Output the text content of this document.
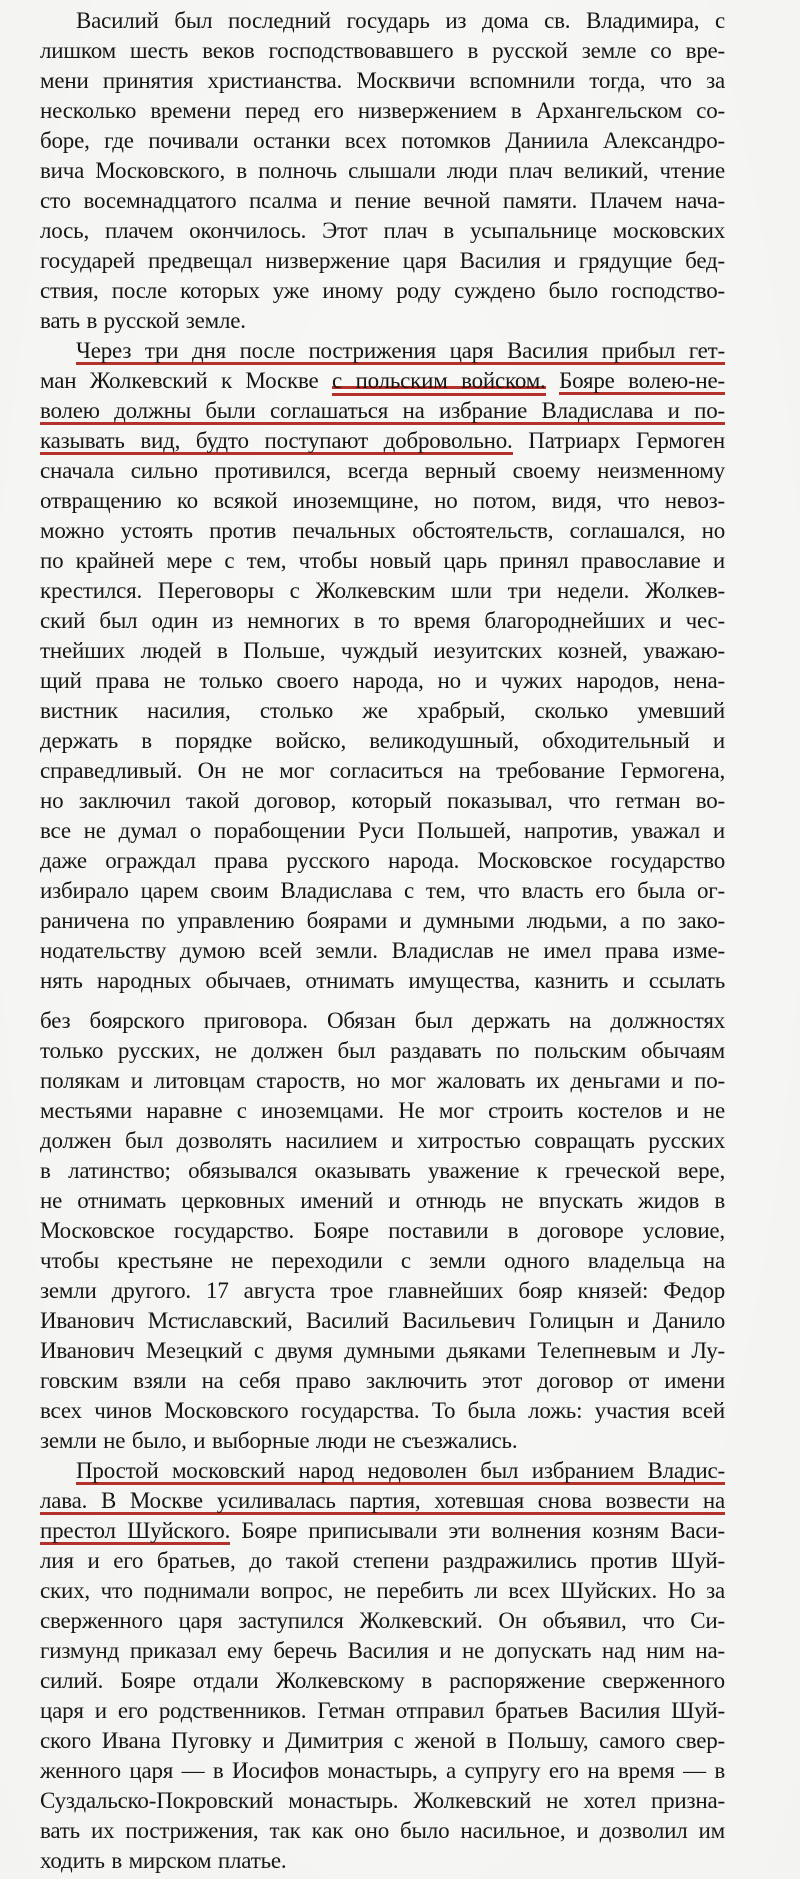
Василий был последний государь из дома св. Владимира, с
лишком шесть веков господствовавшего в русской земле со вре-
мени принятия христианства. Москвичи вспомнили тогда, что за
несколько времени перед его низвержением в Архангельском со-
боре, где почивали останки всех потомков Даниила Александро-
вича Московского, в полночь слышали люди плач великий, чтение
сто восемнадцатого псалма и пение вечной памяти. Плачем нача-
лось, плачем окончилось. Этот плач в усыпальнице московских
государей предвещал низвержение царя Василия и грядущие бед-
ствия, после которых уже иному роду суждено было господство-
вать в русской земле.
Через три дня после пострижения царя Василия прибыл гет-
ман Жолкевский к Москве с польским войском. Бояре волею-не-
волею должны были соглашаться на избрание Владислава и по-
казывать вид, будто поступают добровольно. Патриарх Гермоген
сначала сильно противился, всегда верный своему неизменному
отвращению ко всякой иноземщине, но потом, видя, что невоз-
можно устоять против печальных обстоятельств, соглашался, но
по крайней мере с тем, чтобы новый царь принял православие и
крестился. Переговоры с Жолкевским шли три недели. Жолкев-
ский был один из немногих в то время благороднейших и чес-
тнейших людей в Польше, чуждый иезуитских козней, уважаю-
щий права не только своего народа, но и чужих народов, нена-
вистник насилия, столько же храбрый, сколько умевший
держать в порядке войско, великодушный, обходительный и
справедливый. Он не мог согласиться на требование Гермогена,
но заключил такой договор, который показывал, что гетман во-
все не думал о порабощении Руси Польшей, напротив, уважал и
даже ограждал права русского народа. Московское государство
избирало царем своим Владислава с тем, что власть его была ог-
раничена по управлению боярами и думными людьми, а по зако-
нодательству думою всей земли. Владислав не имел права изме-
нять народных обычаев, отнимать имущества, казнить и ссылать
без боярского приговора. Обязан был держать на должностях
только русских, не должен был раздавать по польским обычаям
полякам и литовцам староств, но мог жаловать их деньгами и по-
местьями наравне с иноземцами. Не мог строить костелов и не
должен был дозволять насилием и хитростью совращать русских
в латинство; обязывался оказывать уважение к греческой вере,
не отнимать церковных имений и отнюдь не впускать жидов в
Московское государство. Бояре поставили в договоре условие,
чтобы крестьяне не переходили с земли одного владельца на
земли другого. 17 августа трое главнейших бояр князей: Федор
Иванович Мстиславский, Василий Васильевич Голицын и Данило
Иванович Мезецкий с двумя думными дьяками Телепневым и Лу-
говским взяли на себя право заключить этот договор от имени
всех чинов Московского государства. То была ложь: участия всей
земли не было, и выборные люди не съезжались.
Простой московский народ недоволен был избранием Владис-
лава. В Москве усиливалась партия, хотевшая снова возвести на
престол Шуйского. Бояре приписывали эти волнения козням Васи-
лия и его братьев, до такой степени раздражились против Шуй-
ских, что поднимали вопрос, не перебить ли всех Шуйских. Но за
сверженного царя заступился Жолкевский. Он объявил, что Си-
гизмунд приказал ему беречь Василия и не допускать над ним на-
силий. Бояре отдали Жолкевскому в распоряжение сверженного
царя и его родственников. Гетман отправил братьев Василия Шуй-
ского Ивана Пуговку и Димитрия с женой в Польшу, самого свер-
женного царя — в Иосифов монастырь, а супругу его на время — в
Суздальско-Покровский монастырь. Жолкевский не хотел призна-
вать их пострижения, так как оно было насильное, и дозволил им
ходить в мирском платье.
